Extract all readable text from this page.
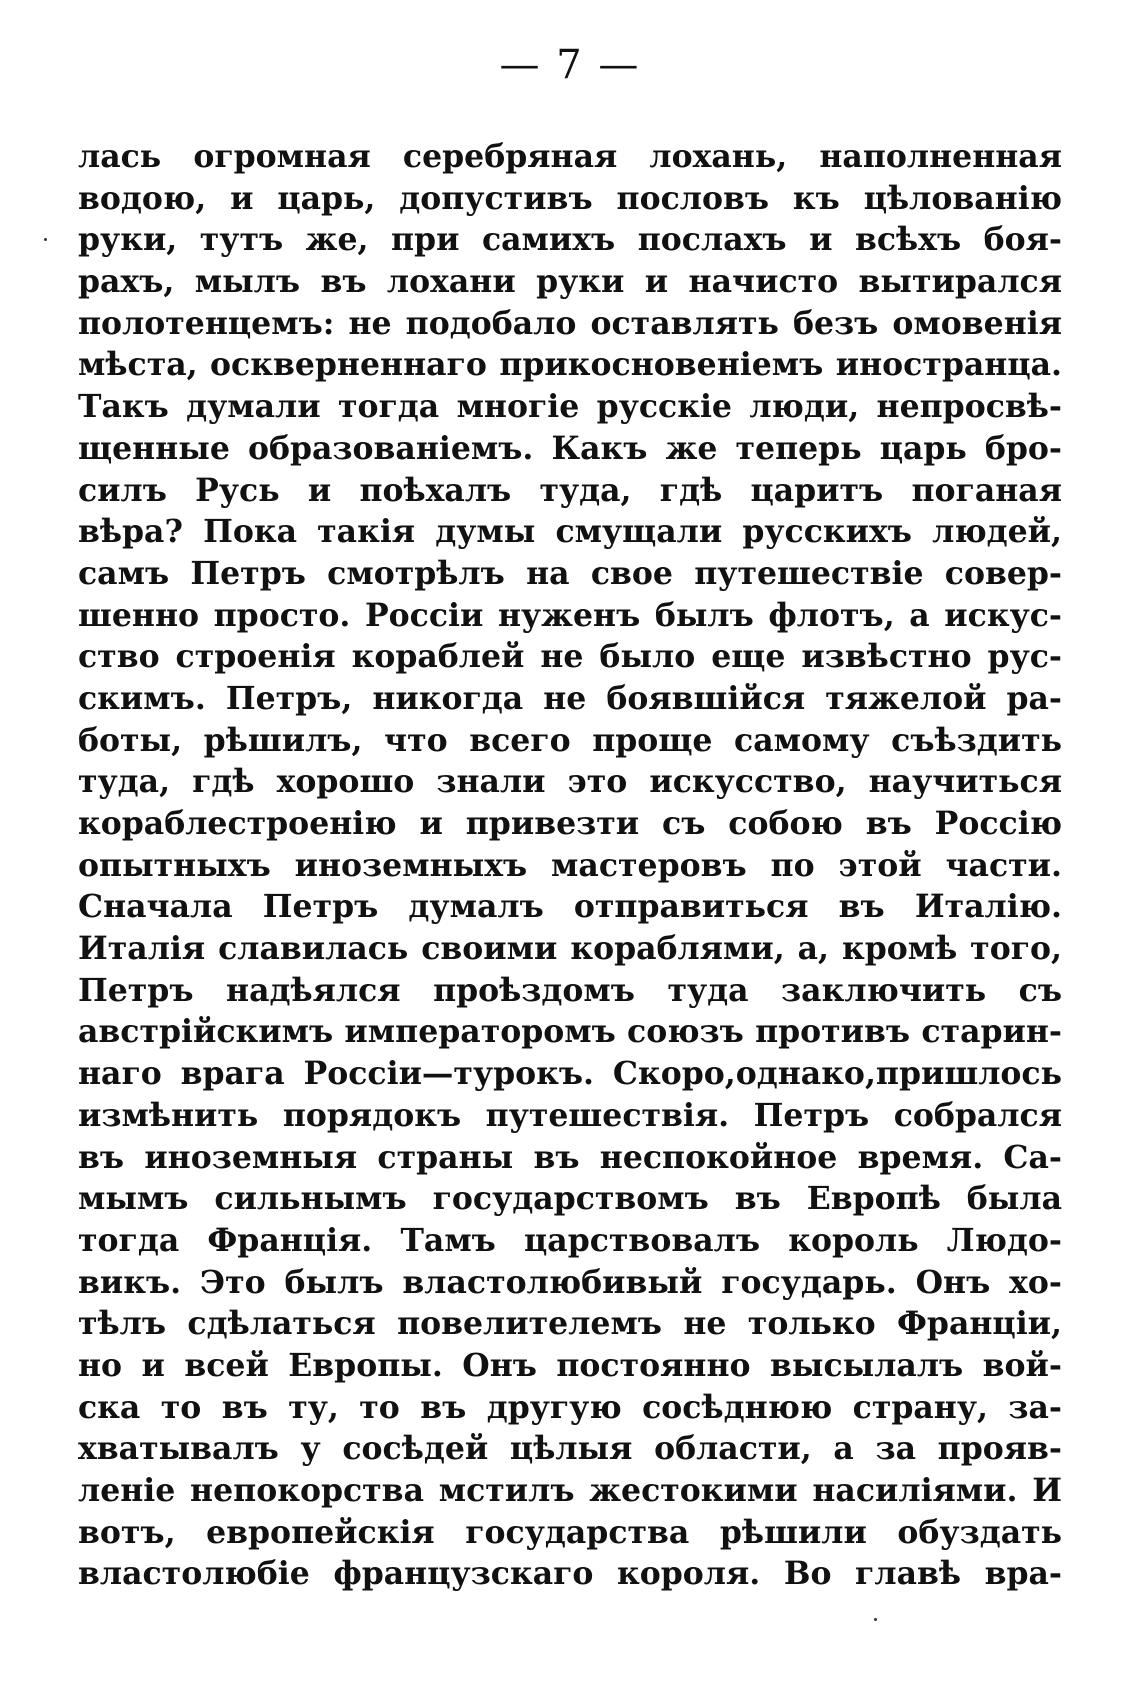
— 7 —
лась огромная серебряная лохань, наполненная
водою, и царь, допустивъ пословъ къ цѣлованію
руки, тутъ же, при самихъ послахъ и всѣхъ боя-
рахъ, мылъ въ лохани руки и начисто вытирался
полотенцемъ: не подобало оставлять безъ омовенія
мѣста, оскверненнаго прикосновеніемъ иностранца.
Такъ думали тогда многіе русскіе люди, непросвѣ-
щенные образованіемъ. Какъ же теперь царь бро-
силъ Русь и поѣхалъ туда, гдѣ царитъ поганая
вѣра? Пока такія думы смущали русскихъ людей,
самъ Петръ смотрѣлъ на свое путешествіе совер-
шенно просто. Россіи нуженъ былъ флотъ, а искус-
ство строенія кораблей не было еще извѣстно рус-
скимъ. Петръ, никогда не боявшійся тяжелой ра-
боты, рѣшилъ, что всего проще самому съѣздить
туда, гдѣ хорошо знали это искусство, научиться
кораблестроенію и привезти съ собою въ Россію
опытныхъ иноземныхъ мастеровъ по этой части.
Сначала Петръ думалъ отправиться въ Италію.
Италія славилась своими кораблями, а, кромѣ того,
Петръ надѣялся проѣздомъ туда заключить съ
австрійскимъ императоромъ союзъ противъ старин-
наго врага Россіи—турокъ. Скоро,однако,пришлось
измѣнить порядокъ путешествія. Петръ собрался
въ иноземныя страны въ неспокойное время. Са-
мымъ сильнымъ государствомъ въ Европѣ была
тогда Франція. Тамъ царствовалъ король Людо-
викъ. Это былъ властолюбивый государь. Онъ хо-
тѣлъ сдѣлаться повелителемъ не только Франціи,
но и всей Европы. Онъ постоянно высылалъ вой-
ска то въ ту, то въ другую сосѣднюю страну, за-
хватывалъ у сосѣдей цѣлыя области, а за прояв-
леніе непокорства мстилъ жестокими насиліями. И
вотъ, европейскія государства рѣшили обуздать
властолюбіе французскаго короля. Во главѣ вра-
